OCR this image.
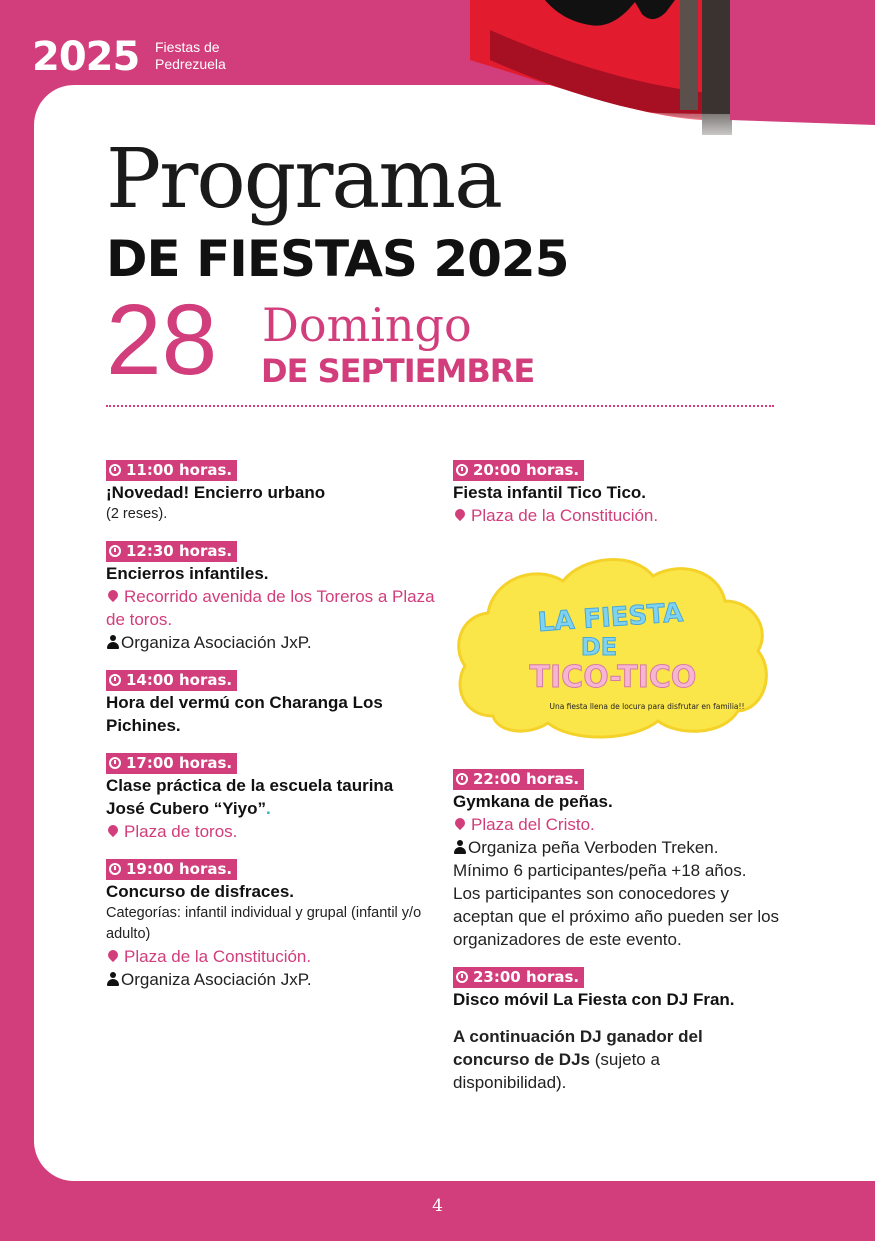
2025 Fiestas de
Pedrezuela
Programa
DE FIESTAS 2025
28 Domingo
DE SEPTIEMBRE
11:00 horas.
¡Novedad! Encierro urbano
(2 reses).
12:30 horas.
Encierros infantiles.
Recorrido avenida de los Toreros a Plaza de toros.
Organiza Asociación JxP.
14:00 horas.
Hora del vermú con Charanga Los Pichines.
17:00 horas.
Clase práctica de la escuela taurina José Cubero “Yiyo”.
Plaza de toros.
19:00 horas.
Concurso de disfraces.
Categorías: infantil individual y grupal (infantil y/o adulto)
Plaza de la Constitución.
Organiza Asociación JxP.
20:00 horas.
Fiesta infantil Tico Tico.
Plaza de la Constitución.
LA FIESTA
DE
TICO-TICO
Una fiesta llena de locura para disfrutar en familia!!
22:00 horas.
Gymkana de peñas.
Plaza del Cristo.
Organiza peña Verboden Treken.
Mínimo 6 participantes/peña +18 años.
Los participantes son conocedores y aceptan que el próximo año pueden ser los organizadores de este evento.
23:00 horas.
Disco móvil La Fiesta con DJ Fran.
A continuación DJ ganador del concurso de DJs (sujeto a disponibilidad).
4
